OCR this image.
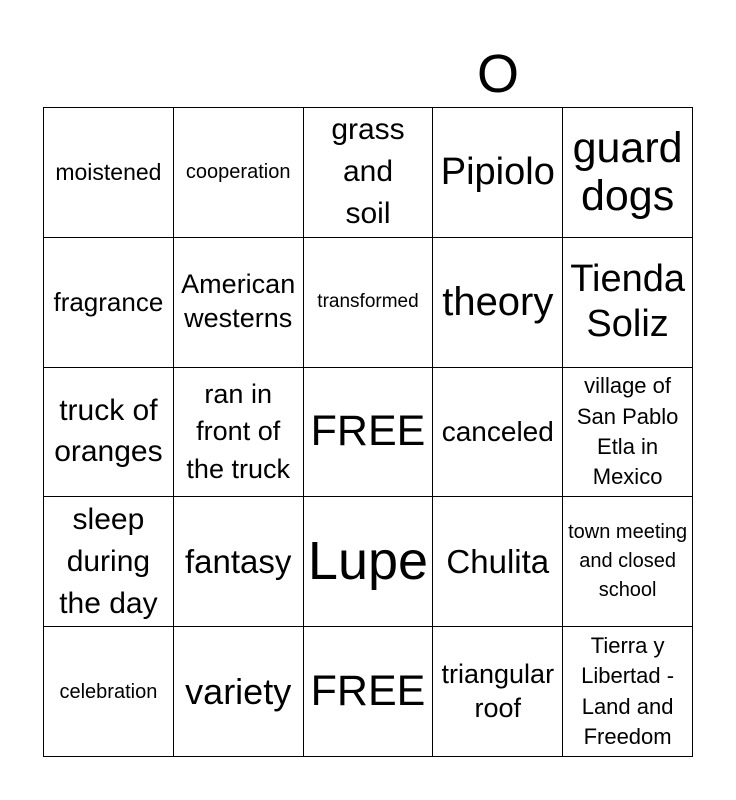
O
moistened	cooperation
grass and soil
Pipiolo guard dogs
fragrance
American westerns
transformed theory
Tienda Soliz
truck of oranges
ran in front of the truck
FREE canceled
village of San Pablo Etla in Mexico
sleep during the day
fantasy Lupe Chulita
town meeting and closed school
celebration variety FREE triangular roof
Tierra y Libertad - Land and Freedom
